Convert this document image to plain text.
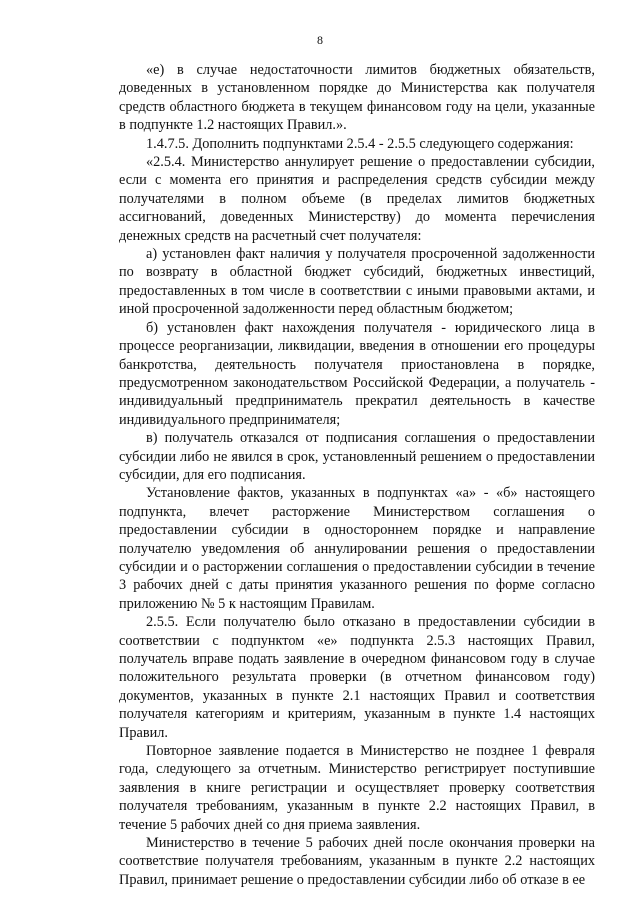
8

«е) в случае недостаточности лимитов бюджетных обязательств, доведенных в установленном порядке до Министерства как получателя средств областного бюджета в текущем финансовом году на цели, указанные в подпункте 1.2 настоящих Правил.».

1.4.7.5. Дополнить подпунктами 2.5.4 - 2.5.5 следующего содержания:

«2.5.4. Министерство аннулирует решение о предоставлении субсидии, если с момента его принятия и распределения средств субсидии между получателями в полном объеме (в пределах лимитов бюджетных ассигнований, доведенных Министерству) до момента перечисления денежных средств на расчетный счет получателя:

а) установлен факт наличия у получателя просроченной задолженности по возврату в областной бюджет субсидий, бюджетных инвестиций, предоставленных в том числе в соответствии с иными правовыми актами, и иной просроченной задолженности перед областным бюджетом;

б) установлен факт нахождения получателя - юридического лица в процессе реорганизации, ликвидации, введения в отношении его процедуры банкротства, деятельность получателя приостановлена в порядке, предусмотренном законодательством Российской Федерации, а получатель - индивидуальный предприниматель прекратил деятельность в качестве индивидуального предпринимателя;

в) получатель отказался от подписания соглашения о предоставлении субсидии либо не явился в срок, установленный решением о предоставлении субсидии, для его подписания.

Установление фактов, указанных в подпунктах «а» - «б» настоящего подпункта, влечет расторжение Министерством соглашения о предоставлении субсидии в одностороннем порядке и направление получателю уведомления об аннулировании решения о предоставлении субсидии и о расторжении соглашения о предоставлении субсидии в течение 3 рабочих дней с даты принятия указанного решения по форме согласно приложению № 5 к настоящим Правилам.

2.5.5. Если получателю было отказано в предоставлении субсидии в соответствии с подпунктом «е» подпункта 2.5.3 настоящих Правил, получатель вправе подать заявление в очередном финансовом году в случае положительного результата проверки (в отчетном финансовом году) документов, указанных в пункте 2.1 настоящих Правил и соответствия получателя категориям и критериям, указанным в пункте 1.4 настоящих Правил.

Повторное заявление подается в Министерство не позднее 1 февраля года, следующего за отчетным. Министерство регистрирует поступившие заявления в книге регистрации и осуществляет проверку соответствия получателя требованиям, указанным в пункте 2.2 настоящих Правил, в течение 5 рабочих дней со дня приема заявления.

Министерство в течение 5 рабочих дней после окончания проверки на соответствие получателя требованиям, указанным в пункте 2.2 настоящих Правил, принимает решение о предоставлении субсидии либо об отказе в ее
